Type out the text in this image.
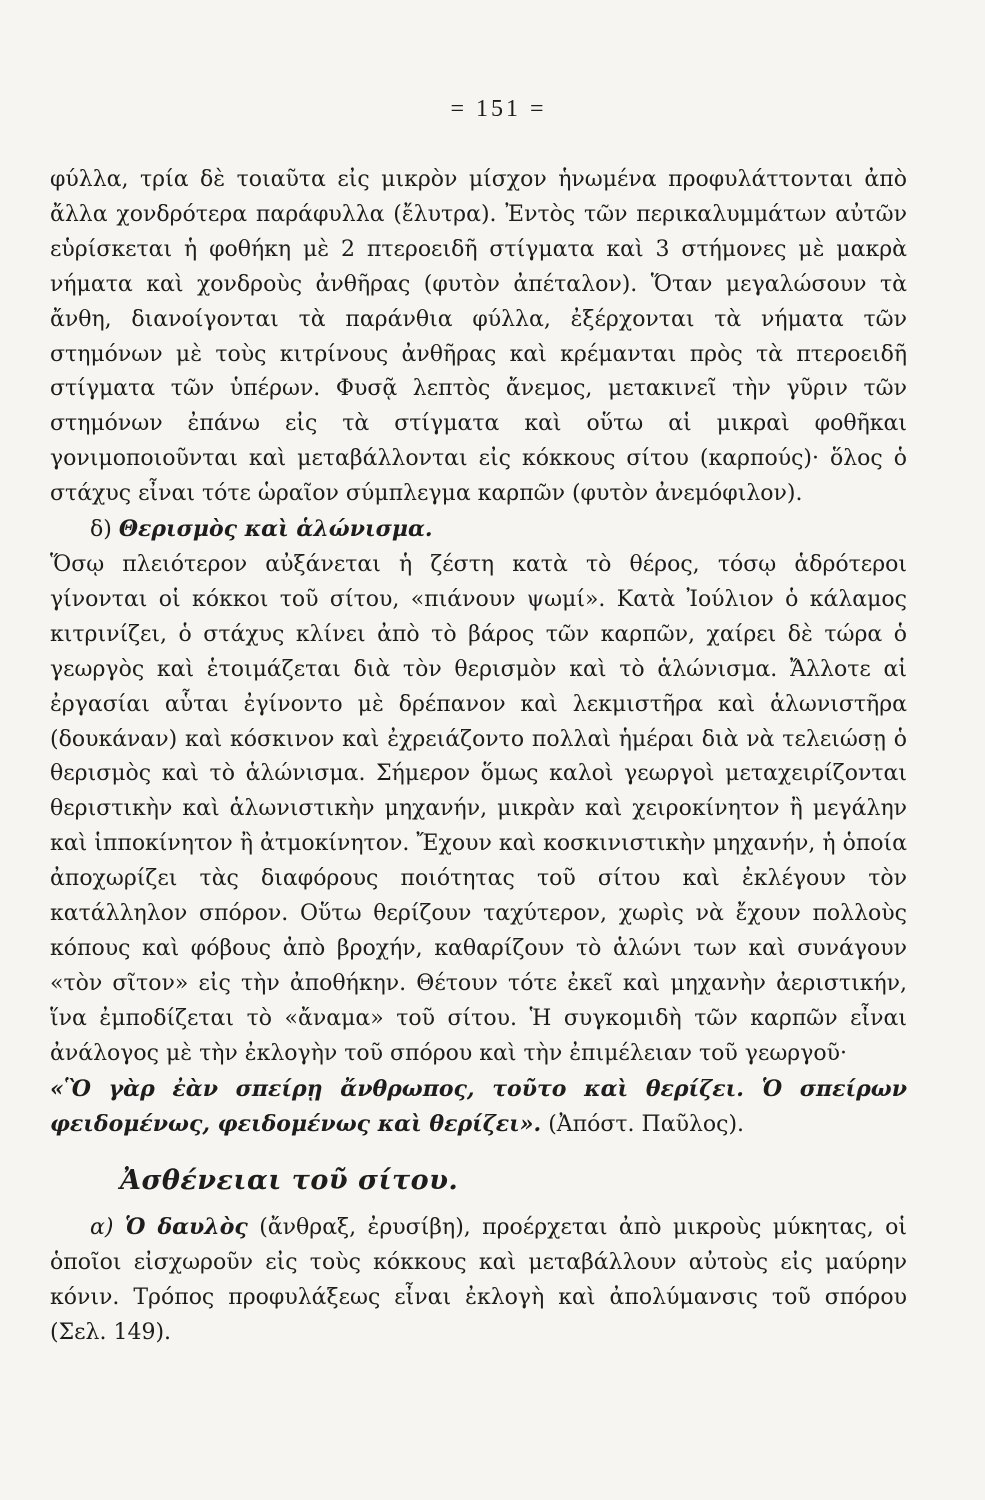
= 151 =

φύλλα, τρία δὲ τοιαῦτα εἰς μικρὸν μίσχον ἡνωμένα προφυλάττονται ἀπὸ ἄλλα χονδρότερα παράφυλλα (ἔλυτρα). Ἐντὸς τῶν περικαλυμμάτων αὐτῶν εὑρίσκεται ἡ φοθήκη μὲ 2 πτεροειδῆ στίγματα καὶ 3 στήμονες μὲ μακρὰ νήματα καὶ χονδροὺς ἀνθῆρας (φυτὸν ἀπέταλον). Ὅταν μεγαλώσουν τὰ ἄνθη, διανοίγονται τὰ παράνθια φύλλα, ἐξέρχονται τὰ νήματα τῶν στημόνων μὲ τοὺς κιτρίνους ἀνθῆρας καὶ κρέμανται πρὸς τὰ πτεροειδῆ στίγματα τῶν ὑπέρων. Φυσᾷ λεπτὸς ἄνεμος, μετακινεῖ τὴν γῦριν τῶν στημόνων ἐπάνω εἰς τὰ στίγματα καὶ οὕτω αἱ μικραὶ φοθῆκαι γονιμοποιοῦνται καὶ μεταβάλλονται εἰς κόκκους σίτου (καρπούς)· ὅλος ὁ στάχυς εἶναι τότε ὡραῖον σύμπλεγμα καρπῶν (φυτὸν ἀνεμόφιλον).

δ) Θερισμὸς καὶ ἁλώνισμα.

Ὅσῳ πλειότερον αὐξάνεται ἡ ζέστη κατὰ τὸ θέρος, τόσῳ ἁδρότεροι γίνονται οἱ κόκκοι τοῦ σίτου, «πιάνουν ψωμί». Κατὰ Ἰούλιον ὁ κάλαμος κιτρινίζει, ὁ στάχυς κλίνει ἀπὸ τὸ βάρος τῶν καρπῶν, χαίρει δὲ τώρα ὁ γεωργὸς καὶ ἑτοιμάζεται διὰ τὸν θερισμὸν καὶ τὸ ἁλώνισμα. Ἄλλοτε αἱ ἐργασίαι αὗται ἐγίνοντο μὲ δρέπανον καὶ λεκμιστῆρα καὶ ἁλωνιστῆρα (δουκάναν) καὶ κόσκινον καὶ ἐχρειάζοντο πολλαὶ ἡμέραι διὰ νὰ τελειώσῃ ὁ θερισμὸς καὶ τὸ ἁλώνισμα. Σήμερον ὅμως καλοὶ γεωργοὶ μεταχειρίζονται θεριστικὴν καὶ ἁλωνιστικὴν μηχανήν, μικρὰν καὶ χειροκίνητον ἢ μεγάλην καὶ ἱπποκίνητον ἢ ἀτμοκίνητον. Ἔχουν καὶ κοσκινιστικὴν μηχανήν, ἡ ὁποία ἀποχωρίζει τὰς διαφόρους ποιότητας τοῦ σίτου καὶ ἐκλέγουν τὸν κατάλληλον σπόρον. Οὕτω θερίζουν ταχύτερον, χωρὶς νὰ ἔχουν πολλοὺς κόπους καὶ φόβους ἀπὸ βροχήν, καθαρίζουν τὸ ἁλώνι των καὶ συνάγουν «τὸν σῖτον» εἰς τὴν ἀποθήκην. Θέτουν τότε ἐκεῖ καὶ μηχανὴν ἀεριστικήν, ἵνα ἐμποδίζεται τὸ «ἄναμα» τοῦ σίτου. Ἡ συγκομιδὴ τῶν καρπῶν εἶναι ἀνάλογος μὲ τὴν ἐκλογὴν τοῦ σπόρου καὶ τὴν ἐπιμέλειαν τοῦ γεωργοῦ·

«Ὃ γὰρ ἐὰν σπείρῃ ἄνθρωπος, τοῦτο καὶ θερίζει. Ὁ σπείρων φειδομένως, φειδομένως καὶ θερίζει». (Ἀπόστ. Παῦλος).

Ἀσθένειαι τοῦ σίτου.

α) Ὁ δαυλὸς (ἄνθραξ, ἐρυσίβη), προέρχεται ἀπὸ μικροὺς μύκητας, οἱ ὁποῖοι εἰσχωροῦν εἰς τοὺς κόκκους καὶ μεταβάλλουν αὐτοὺς εἰς μαύρην κόνιν. Τρόπος προφυλάξεως εἶναι ἐκλογὴ καὶ ἀπολύμανσις τοῦ σπόρου (Σελ. 149).
